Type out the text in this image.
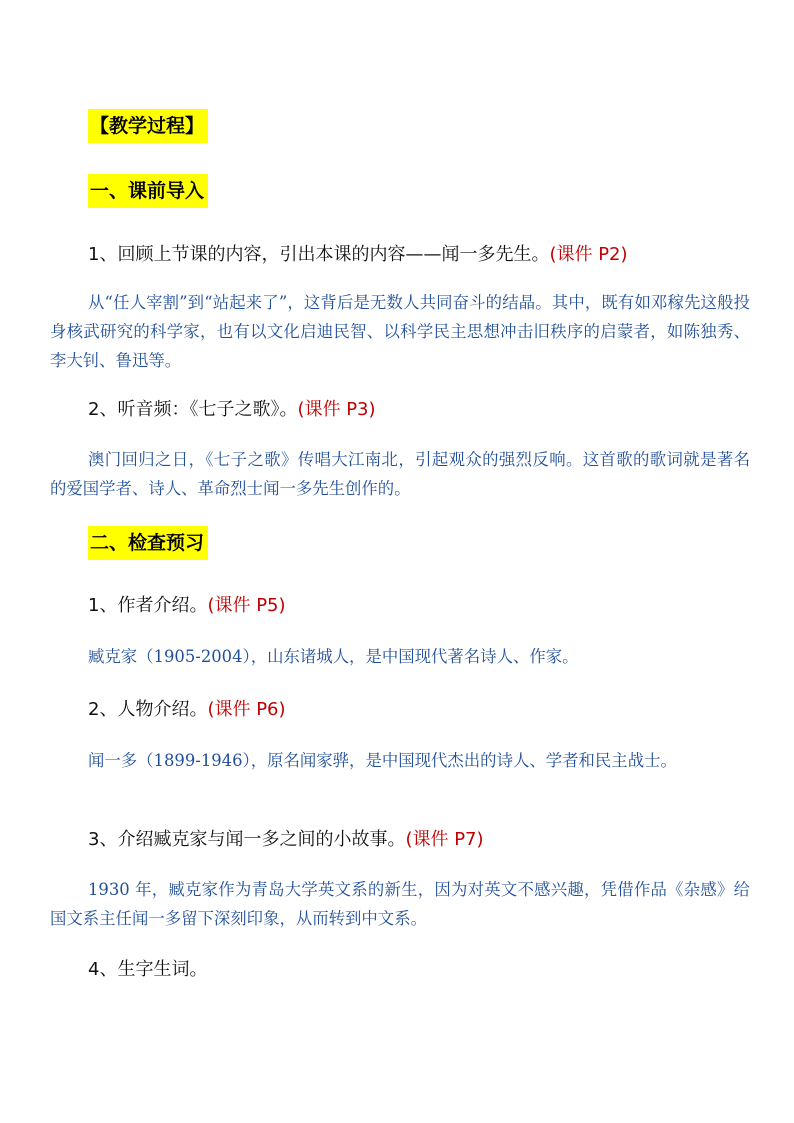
【教学过程】
一、课前导入
1、回顾上节课的内容，引出本课的内容——闻一多先生。(课件 P2)
从“任人宰割”到“站起来了”，这背后是无数人共同奋斗的结晶。其中，既有如邓稼先这般投身核武研究的科学家，也有以文化启迪民智、以科学民主思想冲击旧秩序的启蒙者，如陈独秀、李大钊、鲁迅等。
2、听音频：《七子之歌》。(课件 P3)
澳门回归之日，《七子之歌》传唱大江南北，引起观众的强烈反响。这首歌的歌词就是著名的爱国学者、诗人、革命烈士闻一多先生创作的。
二、检查预习
1、作者介绍。(课件 P5)
臧克家（1905-2004），山东诸城人，是中国现代著名诗人、作家。
2、人物介绍。(课件 P6)
闻一多（1899-1946），原名闻家骅，是中国现代杰出的诗人、学者和民主战士。
3、介绍臧克家与闻一多之间的小故事。(课件 P7)
1930 年，臧克家作为青岛大学英文系的新生，因为对英文不感兴趣，凭借作品《杂感》给国文系主任闻一多留下深刻印象，从而转到中文系。
4、生字生词。
